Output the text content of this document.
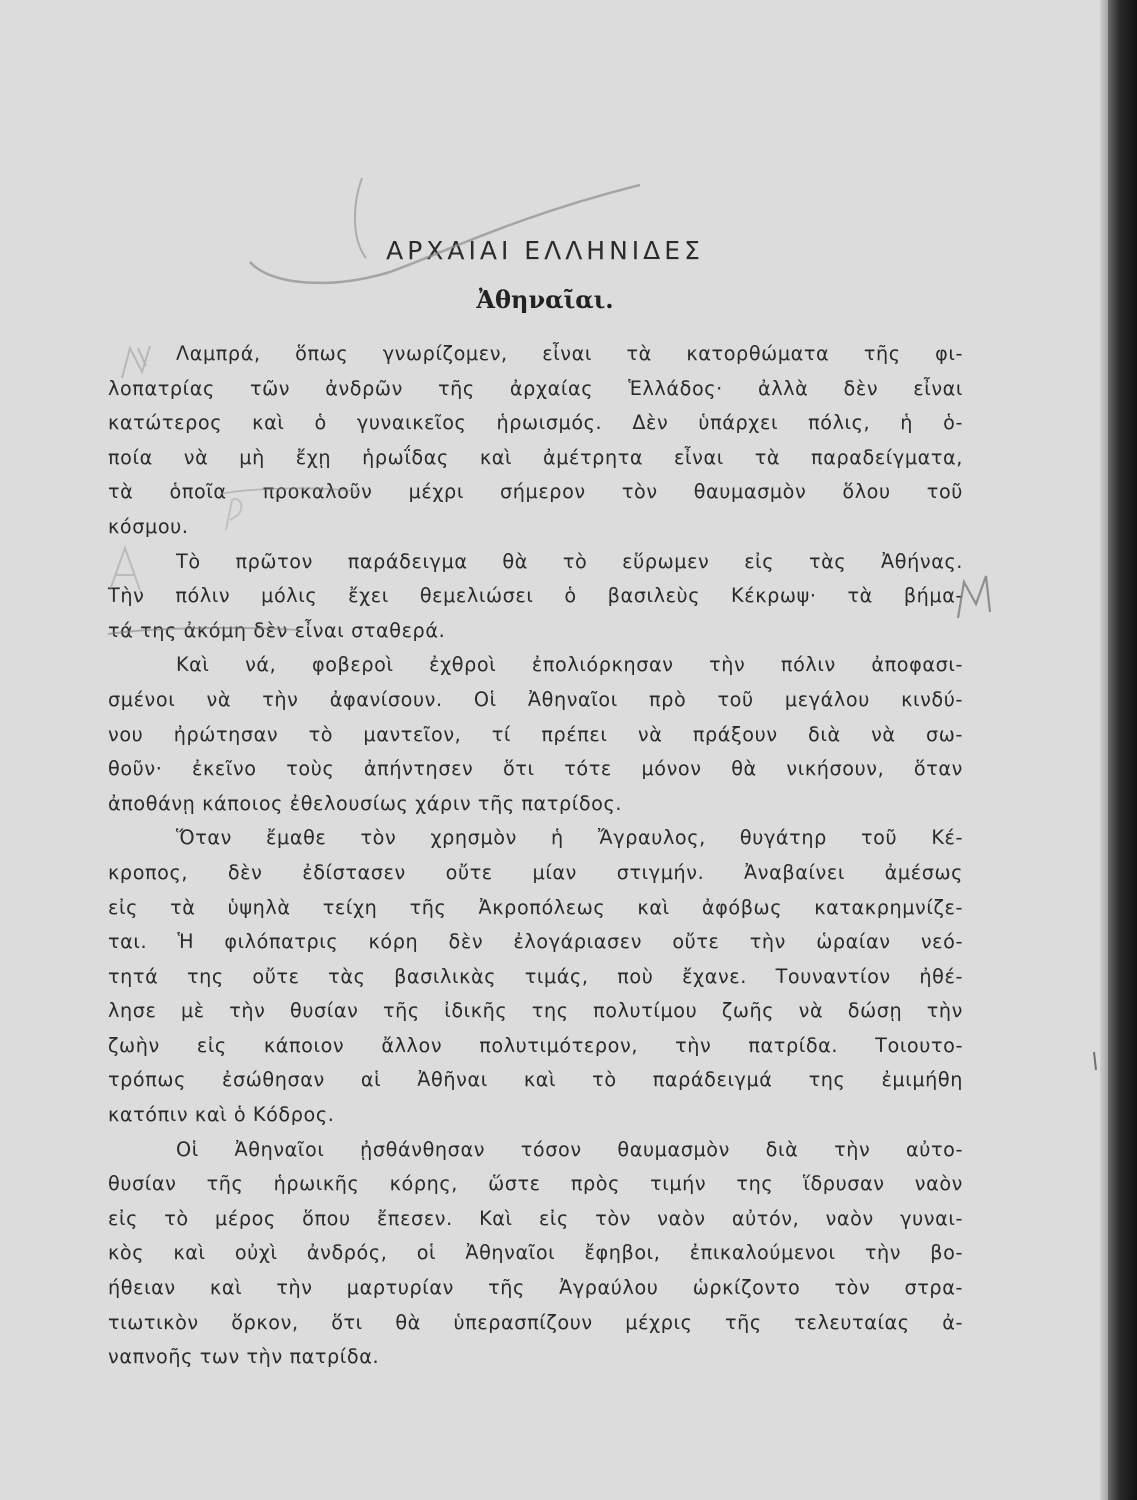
ΑΡΧΑΙΑΙ ΕΛΛΗΝΙΔΕΣ
Ἀθηναῖαι.
Λαμπρά, ὅπως γνωρίζομεν, εἶναι τὰ κατορθώματα τῆς φι-
λοπατρίας τῶν ἀνδρῶν τῆς ἀρχαίας Ἑλλάδος· ἀλλὰ δὲν εἶναι
κατώτερος καὶ ὁ γυναικεῖος ἡρωισμός. Δὲν ὑπάρχει πόλις, ἡ ὁ-
ποία νὰ μὴ ἔχῃ ἡρωΐδας καὶ ἀμέτρητα εἶναι τὰ παραδείγματα,
τὰ ὁποῖα προκαλοῦν μέχρι σήμερον τὸν θαυμασμὸν ὅλου τοῦ
κόσμου.
Τὸ πρῶτον παράδειγμα θὰ τὸ εὕρωμεν εἰς τὰς Ἀθήνας.
Τὴν πόλιν μόλις ἔχει θεμελιώσει ὁ βασιλεὺς Κέκρωψ· τὰ βήμα-
τά της ἀκόμη δὲν εἶναι σταθερά.
Καὶ νά, φοβεροὶ ἐχθροὶ ἐπολιόρκησαν τὴν πόλιν ἀποφασι-
σμένοι νὰ τὴν ἀφανίσουν. Οἱ Ἀθηναῖοι πρὸ τοῦ μεγάλου κινδύ-
νου ἠρώτησαν τὸ μαντεῖον, τί πρέπει νὰ πράξουν διὰ νὰ σω-
θοῦν· ἐκεῖνο τοὺς ἀπήντησεν ὅτι τότε μόνον θὰ νικήσουν, ὅταν
ἀποθάνῃ κάποιος ἐθελουσίως χάριν τῆς πατρίδος.
Ὅταν ἔμαθε τὸν χρησμὸν ἡ Ἄγραυλος, θυγάτηρ τοῦ Κέ-
κροπος, δὲν ἐδίστασεν οὔτε μίαν στιγμήν. Ἀναβαίνει ἀμέσως
εἰς τὰ ὑψηλὰ τείχη τῆς Ἀκροπόλεως καὶ ἀφόβως κατακρημνίζε-
ται. Ἡ φιλόπατρις κόρη δὲν ἐλογάριασεν οὔτε τὴν ὡραίαν νεό-
τητά της οὔτε τὰς βασιλικὰς τιμάς, ποὺ ἔχανε. Τουναντίον ἠθέ-
λησε μὲ τὴν θυσίαν τῆς ἰδικῆς της πολυτίμου ζωῆς νὰ δώσῃ τὴν
ζωὴν εἰς κάποιον ἄλλον πολυτιμότερον, τὴν πατρίδα. Τοιουτο-
τρόπως ἐσώθησαν αἱ Ἀθῆναι καὶ τὸ παράδειγμά της ἐμιμήθη
κατόπιν καὶ ὁ Κόδρος.
Οἱ Ἀθηναῖοι ᾐσθάνθησαν τόσον θαυμασμὸν διὰ τὴν αὐτο-
θυσίαν τῆς ἡρωικῆς κόρης, ὥστε πρὸς τιμήν της ἵδρυσαν ναὸν
εἰς τὸ μέρος ὅπου ἔπεσεν. Καὶ εἰς τὸν ναὸν αὐτόν, ναὸν γυναι-
κὸς καὶ οὐχὶ ἀνδρός, οἱ Ἀθηναῖοι ἔφηβοι, ἐπικαλούμενοι τὴν βο-
ήθειαν καὶ τὴν μαρτυρίαν τῆς Ἀγραύλου ὡρκίζοντο τὸν στρα-
τιωτικὸν ὅρκον, ὅτι θὰ ὑπερασπίζουν μέχρις τῆς τελευταίας ἀ-
ναπνοῆς των τὴν πατρίδα.
